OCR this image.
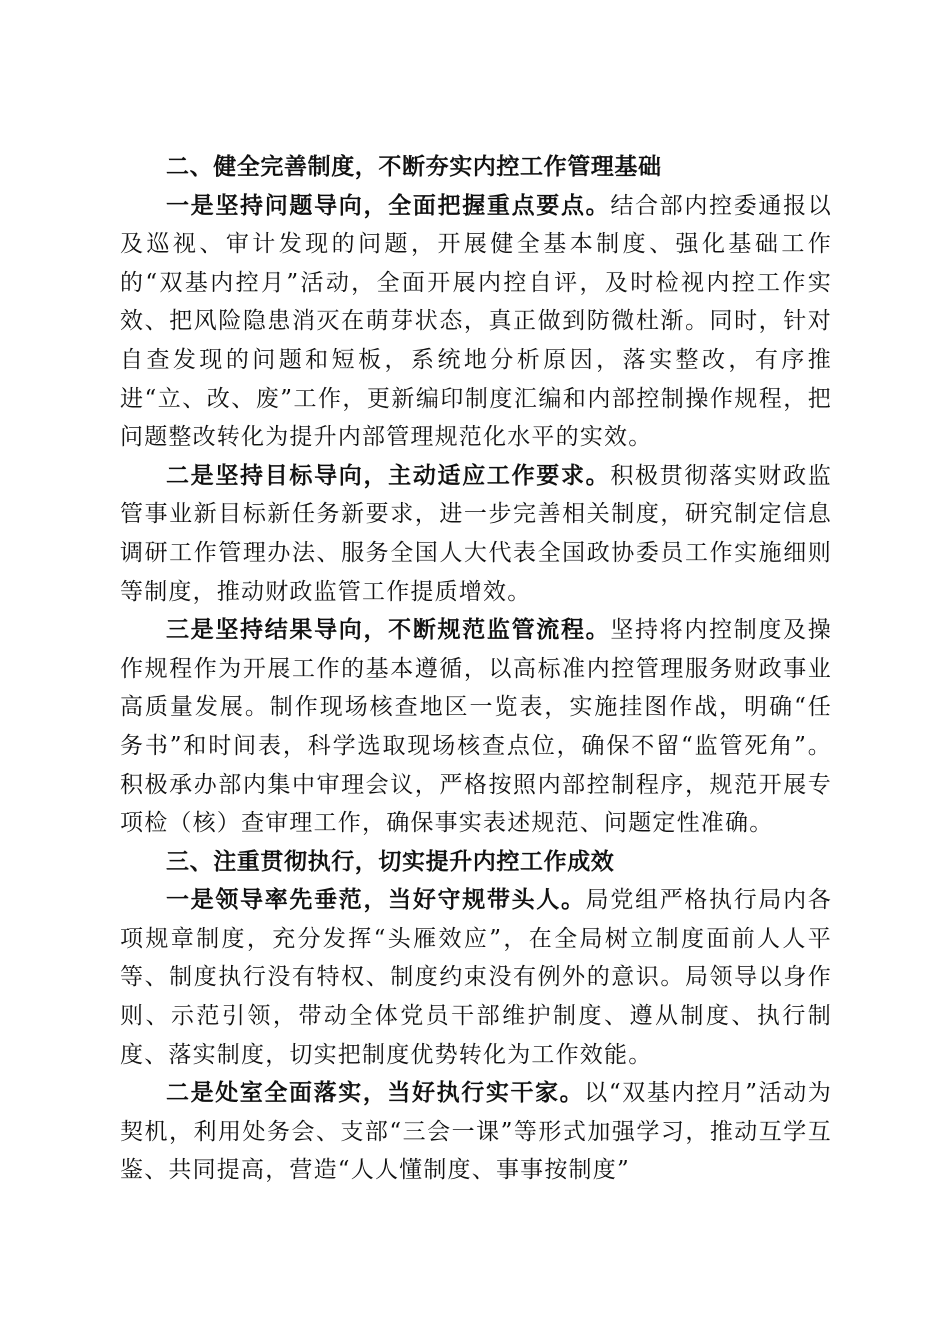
二、健全完善制度，不断夯实内控工作管理基础

一是坚持问题导向，全面把握重点要点。结合部内控委通报以及巡视、审计发现的问题，开展健全基本制度、强化基础工作的“双基内控月”活动，全面开展内控自评，及时检视内控工作实效、把风险隐患消灭在萌芽状态，真正做到防微杜渐。同时，针对自查发现的问题和短板，系统地分析原因，落实整改，有序推进“立、改、废”工作，更新编印制度汇编和内部控制操作规程，把问题整改转化为提升内部管理规范化水平的实效。

二是坚持目标导向，主动适应工作要求。积极贯彻落实财政监管事业新目标新任务新要求，进一步完善相关制度，研究制定信息调研工作管理办法、服务全国人大代表全国政协委员工作实施细则等制度，推动财政监管工作提质增效。

三是坚持结果导向，不断规范监管流程。坚持将内控制度及操作规程作为开展工作的基本遵循，以高标准内控管理服务财政事业高质量发展。制作现场核查地区一览表，实施挂图作战，明确“任务书”和时间表，科学选取现场核查点位，确保不留“监管死角”。积极承办部内集中审理会议，严格按照内部控制程序，规范开展专项检（核）查审理工作，确保事实表述规范、问题定性准确。

三、注重贯彻执行，切实提升内控工作成效

一是领导率先垂范，当好守规带头人。局党组严格执行局内各项规章制度，充分发挥“头雁效应”，在全局树立制度面前人人平等、制度执行没有特权、制度约束没有例外的意识。局领导以身作则、示范引领，带动全体党员干部维护制度、遵从制度、执行制度、落实制度，切实把制度优势转化为工作效能。

二是处室全面落实，当好执行实干家。以“双基内控月”活动为契机，利用处务会、支部“三会一课”等形式加强学习，推动互学互鉴、共同提高，营造“人人懂制度、事事按制度”
